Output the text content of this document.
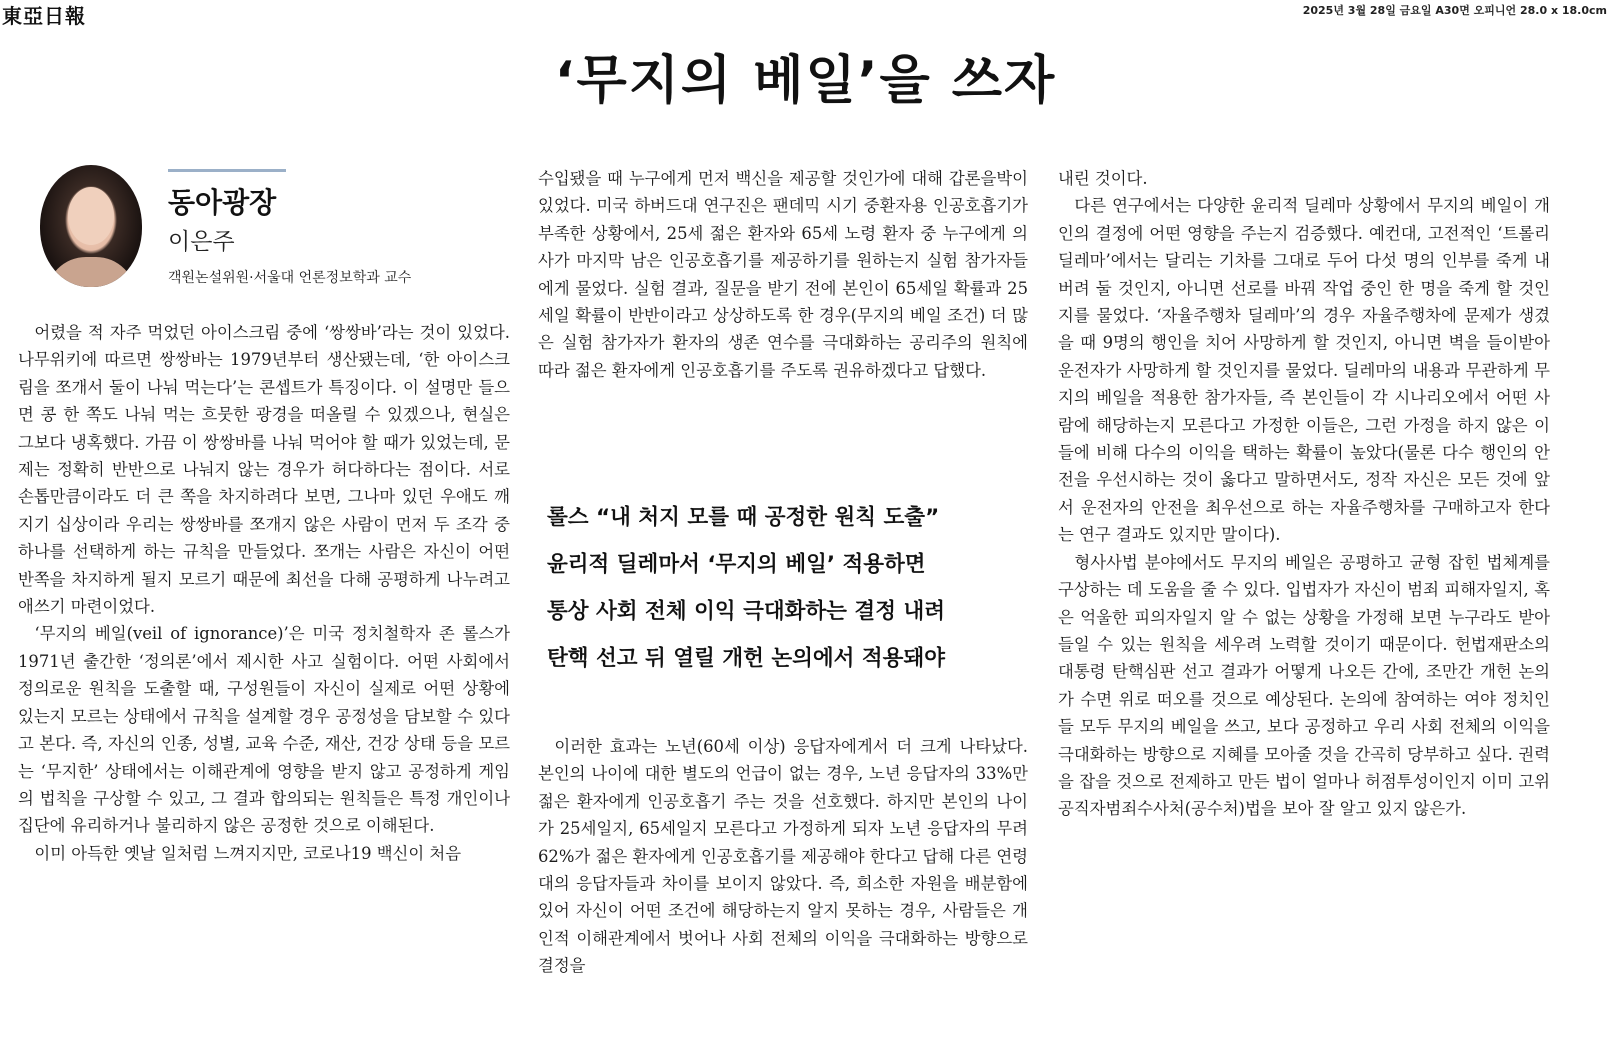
東亞日報	2025년 3월 28일 금요일 A30면 오피니언 28.0 x 18.0cm
‘무지의 베일’을 쓰자
동아광장
이은주
객원논설위원·서울대 언론정보학과 교수

어렸을 적 자주 먹었던 아이스크림 중에 ‘쌍쌍바’라는 것이 있었다. 나무위키에 따르면 쌍쌍바는 1979년부터 생산됐는데, ‘한 아이스크림을 쪼개서 둘이 나눠 먹는다’는 콘셉트가 특징이다. 이 설명만 들으면 콩 한 쪽도 나눠 먹는 흐뭇한 광경을 떠올릴 수 있겠으나, 현실은 그보다 냉혹했다. 가끔 이 쌍쌍바를 나눠 먹어야 할 때가 있었는데, 문제는 정확히 반반으로 나눠지 않는 경우가 허다하다는 점이다. 서로 손톱만큼이라도 더 큰 쪽을 차지하려다 보면, 그나마 있던 우애도 깨지기 십상이라 우리는 쌍쌍바를 쪼개지 않은 사람이 먼저 두 조각 중 하나를 선택하게 하는 규칙을 만들었다. 쪼개는 사람은 자신이 어떤 반쪽을 차지하게 될지 모르기 때문에 최선을 다해 공평하게 나누려고 애쓰기 마련이었다.

‘무지의 베일(veil of ignorance)’은 미국 정치철학자 존 롤스가 1971년 출간한 ‘정의론’에서 제시한 사고 실험이다. 어떤 사회에서 정의로운 원칙을 도출할 때, 구성원들이 자신이 실제로 어떤 상황에 있는지 모르는 상태에서 규칙을 설계할 경우 공정성을 담보할 수 있다고 본다. 즉, 자신의 인종, 성별, 교육 수준, 재산, 건강 상태 등을 모르는 ‘무지한’ 상태에서는 이해관계에 영향을 받지 않고 공정하게 게임의 법칙을 구상할 수 있고, 그 결과 합의되는 원칙들은 특정 개인이나 집단에 유리하거나 불리하지 않은 공정한 것으로 이해된다.

이미 아득한 옛날 일처럼 느껴지지만, 코로나19 백신이 처음

수입됐을 때 누구에게 먼저 백신을 제공할 것인가에 대해 갑론을박이 있었다. 미국 하버드대 연구진은 팬데믹 시기 중환자용 인공호흡기가 부족한 상황에서, 25세 젊은 환자와 65세 노령 환자 중 누구에게 의사가 마지막 남은 인공호흡기를 제공하기를 원하는지 실험 참가자들에게 물었다. 실험 결과, 질문을 받기 전에 본인이 65세일 확률과 25세일 확률이 반반이라고 상상하도록 한 경우(무지의 베일 조건) 더 많은 실험 참가자가 환자의 생존 연수를 극대화하는 공리주의 원칙에 따라 젊은 환자에게 인공호흡기를 주도록 권유하겠다고 답했다.

롤스 “내 처지 모를 때 공정한 원칙 도출”
윤리적 딜레마서 ‘무지의 베일’ 적용하면
통상 사회 전체 이익 극대화하는 결정 내려
탄핵 선고 뒤 열릴 개헌 논의에서 적용돼야

이러한 효과는 노년(60세 이상) 응답자에게서 더 크게 나타났다. 본인의 나이에 대한 별도의 언급이 없는 경우, 노년 응답자의 33%만 젊은 환자에게 인공호흡기 주는 것을 선호했다. 하지만 본인의 나이가 25세일지, 65세일지 모른다고 가정하게 되자 노년 응답자의 무려 62%가 젊은 환자에게 인공호흡기를 제공해야 한다고 답해 다른 연령대의 응답자들과 차이를 보이지 않았다. 즉, 희소한 자원을 배분함에 있어 자신이 어떤 조건에 해당하는지 알지 못하는 경우, 사람들은 개인적 이해관계에서 벗어나 사회 전체의 이익을 극대화하는 방향으로 결정을

내린 것이다.

다른 연구에서는 다양한 윤리적 딜레마 상황에서 무지의 베일이 개인의 결정에 어떤 영향을 주는지 검증했다. 예컨대, 고전적인 ‘트롤리 딜레마’에서는 달리는 기차를 그대로 두어 다섯 명의 인부를 죽게 내버려 둘 것인지, 아니면 선로를 바꿔 작업 중인 한 명을 죽게 할 것인지를 물었다. ‘자율주행차 딜레마’의 경우 자율주행차에 문제가 생겼을 때 9명의 행인을 치어 사망하게 할 것인지, 아니면 벽을 들이받아 운전자가 사망하게 할 것인지를 물었다. 딜레마의 내용과 무관하게 무지의 베일을 적용한 참가자들, 즉 본인들이 각 시나리오에서 어떤 사람에 해당하는지 모른다고 가정한 이들은, 그런 가정을 하지 않은 이들에 비해 다수의 이익을 택하는 확률이 높았다(물론 다수 행인의 안전을 우선시하는 것이 옳다고 말하면서도, 정작 자신은 모든 것에 앞서 운전자의 안전을 최우선으로 하는 자율주행차를 구매하고자 한다는 연구 결과도 있지만 말이다).

형사사법 분야에서도 무지의 베일은 공평하고 균형 잡힌 법체계를 구상하는 데 도움을 줄 수 있다. 입법자가 자신이 범죄 피해자일지, 혹은 억울한 피의자일지 알 수 없는 상황을 가정해 보면 누구라도 받아들일 수 있는 원칙을 세우려 노력할 것이기 때문이다. 헌법재판소의 대통령 탄핵심판 선고 결과가 어떻게 나오든 간에, 조만간 개헌 논의가 수면 위로 떠오를 것으로 예상된다. 논의에 참여하는 여야 정치인들 모두 무지의 베일을 쓰고, 보다 공정하고 우리 사회 전체의 이익을 극대화하는 방향으로 지혜를 모아줄 것을 간곡히 당부하고 싶다. 권력을 잡을 것으로 전제하고 만든 법이 얼마나 허점투성이인지 이미 고위공직자범죄수사처(공수처)법을 보아 잘 알고 있지 않은가.
